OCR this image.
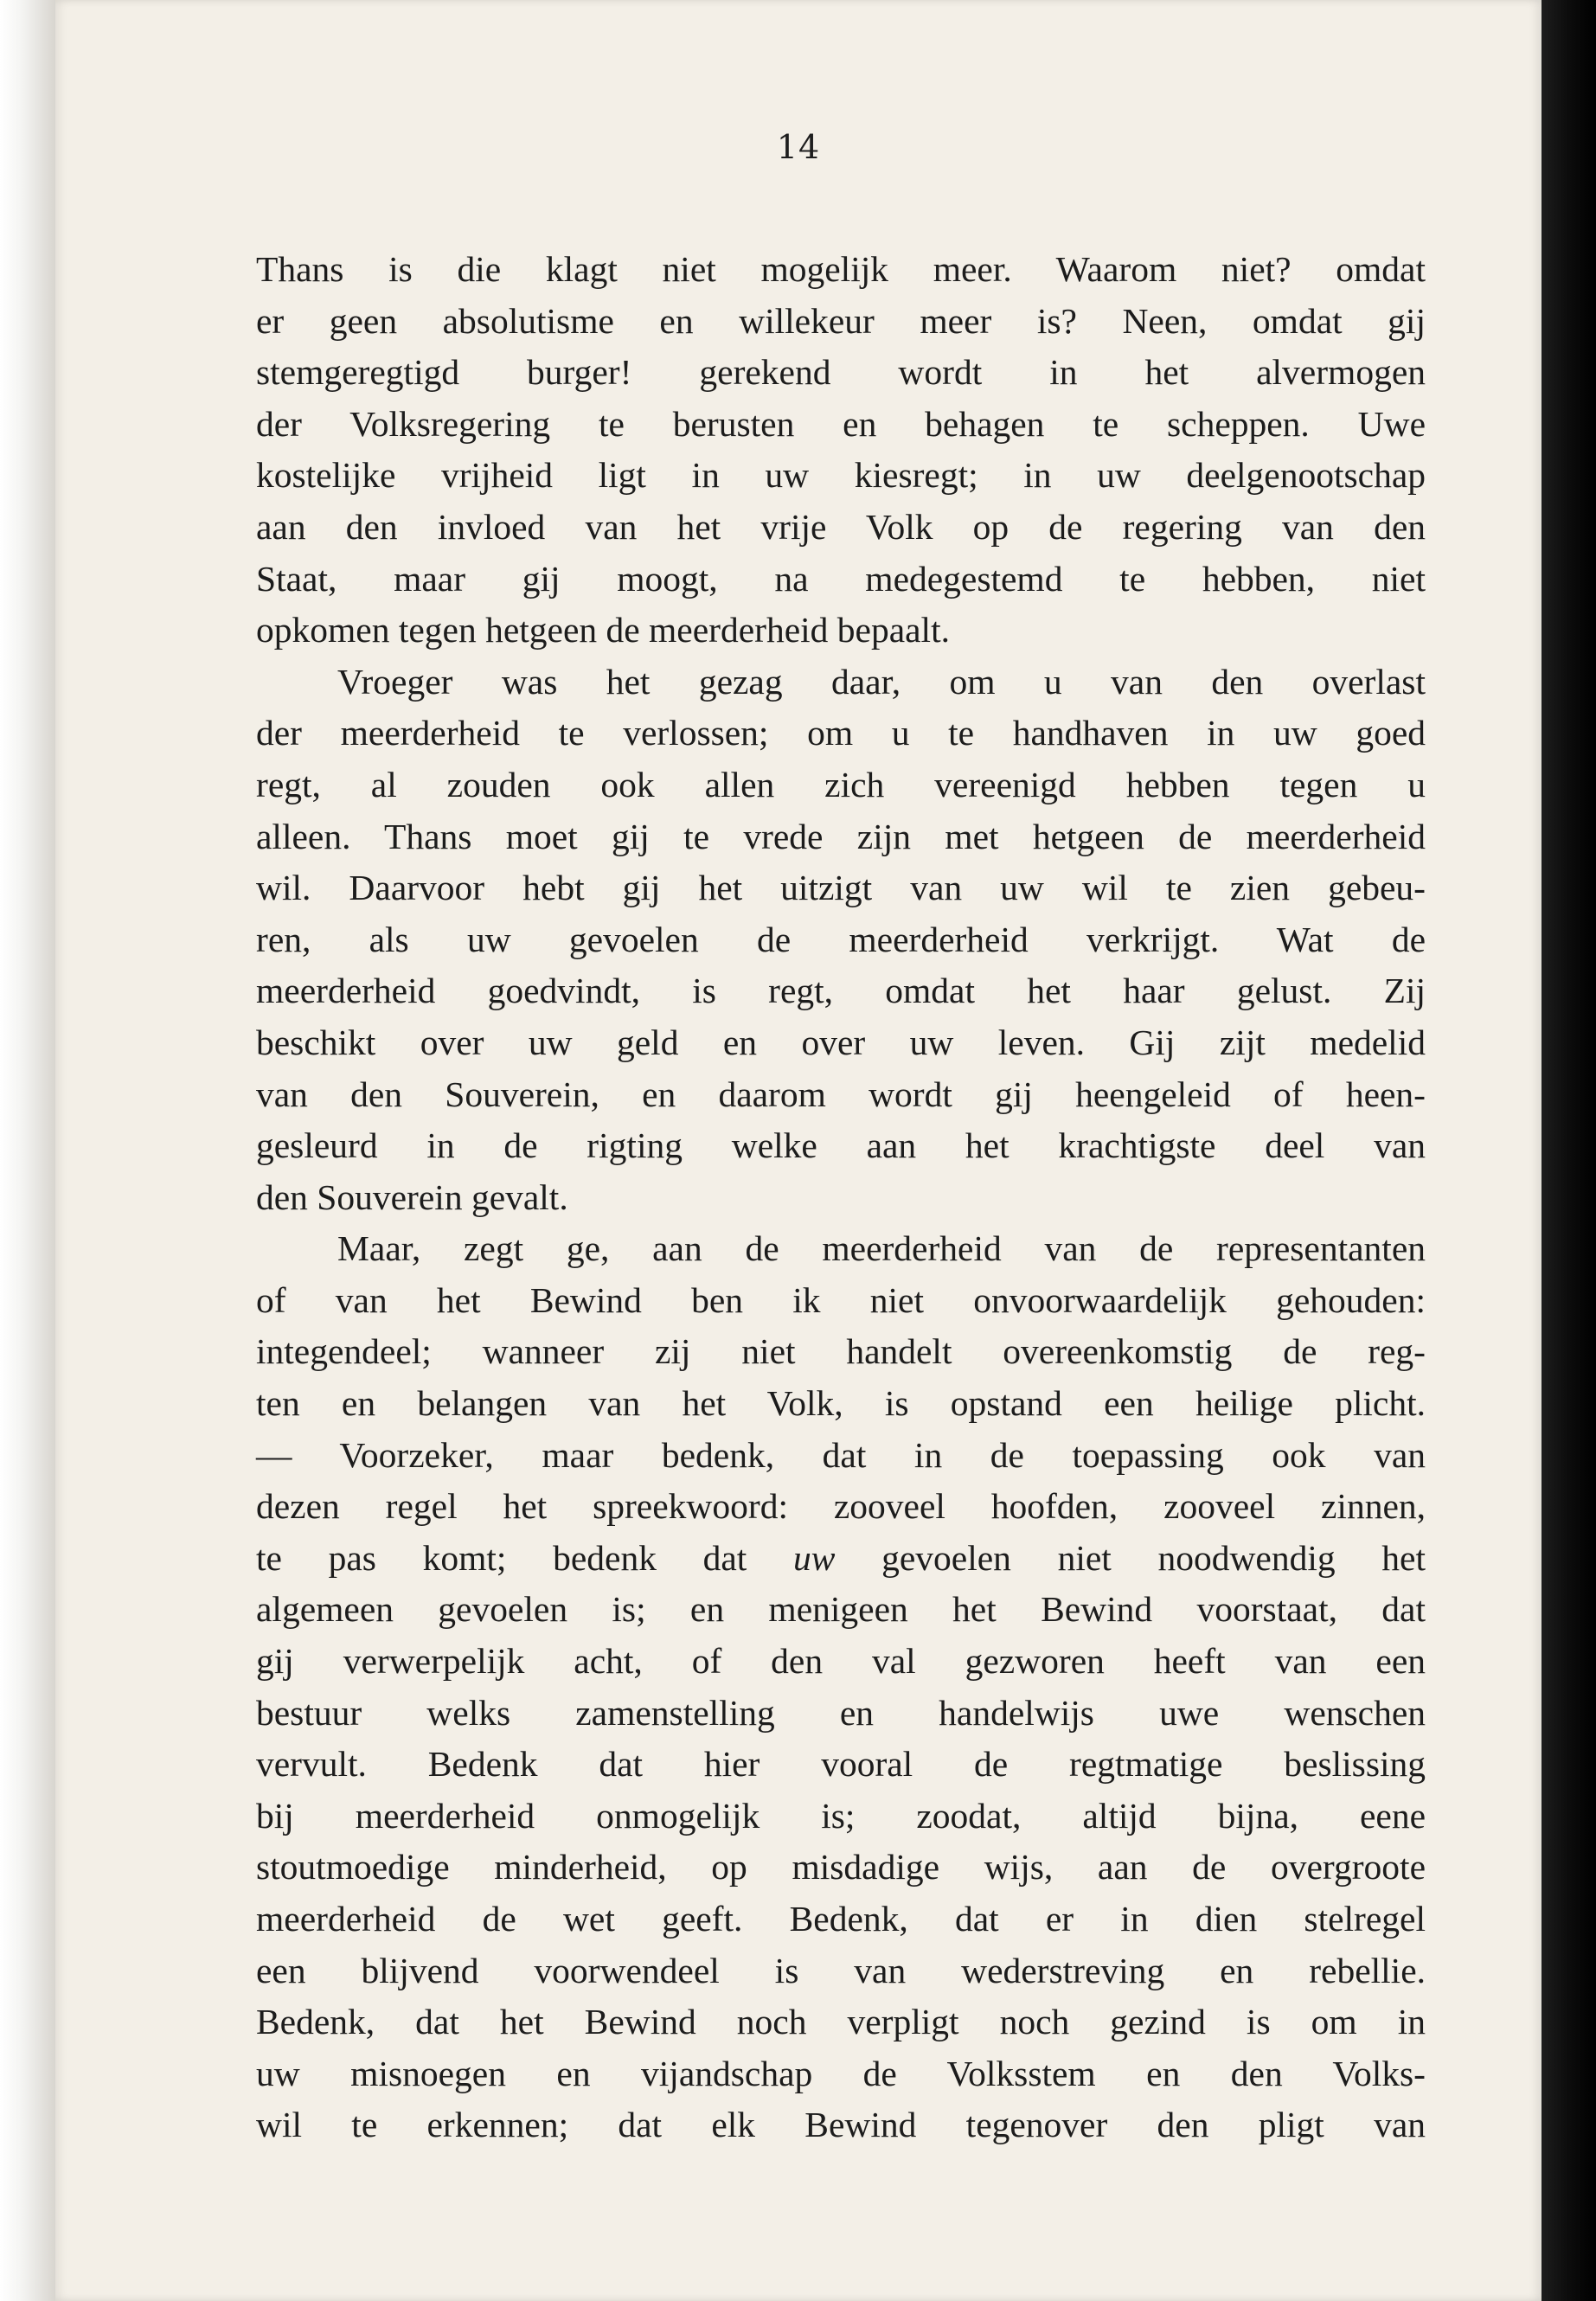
14
Thans is die klagt niet mogelijk meer. Waarom niet? omdat
er geen absolutisme en willekeur meer is? Neen, omdat gij
stemgeregtigd burger! gerekend wordt in het alvermogen
der Volksregering te berusten en behagen te scheppen. Uwe
kostelijke vrijheid ligt in uw kiesregt; in uw deelgenootschap
aan den invloed van het vrije Volk op de regering van den
Staat, maar gij moogt, na medegestemd te hebben, niet
opkomen tegen hetgeen de meerderheid bepaalt.
Vroeger was het gezag daar, om u van den overlast
der meerderheid te verlossen; om u te handhaven in uw goed
regt, al zouden ook allen zich vereenigd hebben tegen u
alleen. Thans moet gij te vrede zijn met hetgeen de meerderheid
wil. Daarvoor hebt gij het uitzigt van uw wil te zien gebeu-
ren, als uw gevoelen de meerderheid verkrijgt. Wat de
meerderheid goedvindt, is regt, omdat het haar gelust. Zij
beschikt over uw geld en over uw leven. Gij zijt medelid
van den Souverein, en daarom wordt gij heengeleid of heen-
gesleurd in de rigting welke aan het krachtigste deel van
den Souverein gevalt.
Maar, zegt ge, aan de meerderheid van de representanten
of van het Bewind ben ik niet onvoorwaardelijk gehouden:
integendeel; wanneer zij niet handelt overeenkomstig de reg-
ten en belangen van het Volk, is opstand een heilige plicht.
— Voorzeker, maar bedenk, dat in de toepassing ook van
dezen regel het spreekwoord: zooveel hoofden, zooveel zinnen,
te pas komt; bedenk dat uw gevoelen niet noodwendig het
algemeen gevoelen is; en menigeen het Bewind voorstaat, dat
gij verwerpelijk acht, of den val gezworen heeft van een
bestuur welks zamenstelling en handelwijs uwe wenschen
vervult. Bedenk dat hier vooral de regtmatige beslissing
bij meerderheid onmogelijk is; zoodat, altijd bijna, eene
stoutmoedige minderheid, op misdadige wijs, aan de overgroote
meerderheid de wet geeft. Bedenk, dat er in dien stelregel
een blijvend voorwendeel is van wederstreving en rebellie.
Bedenk, dat het Bewind noch verpligt noch gezind is om in
uw misnoegen en vijandschap de Volksstem en den Volks-
wil te erkennen; dat elk Bewind tegenover den pligt van
